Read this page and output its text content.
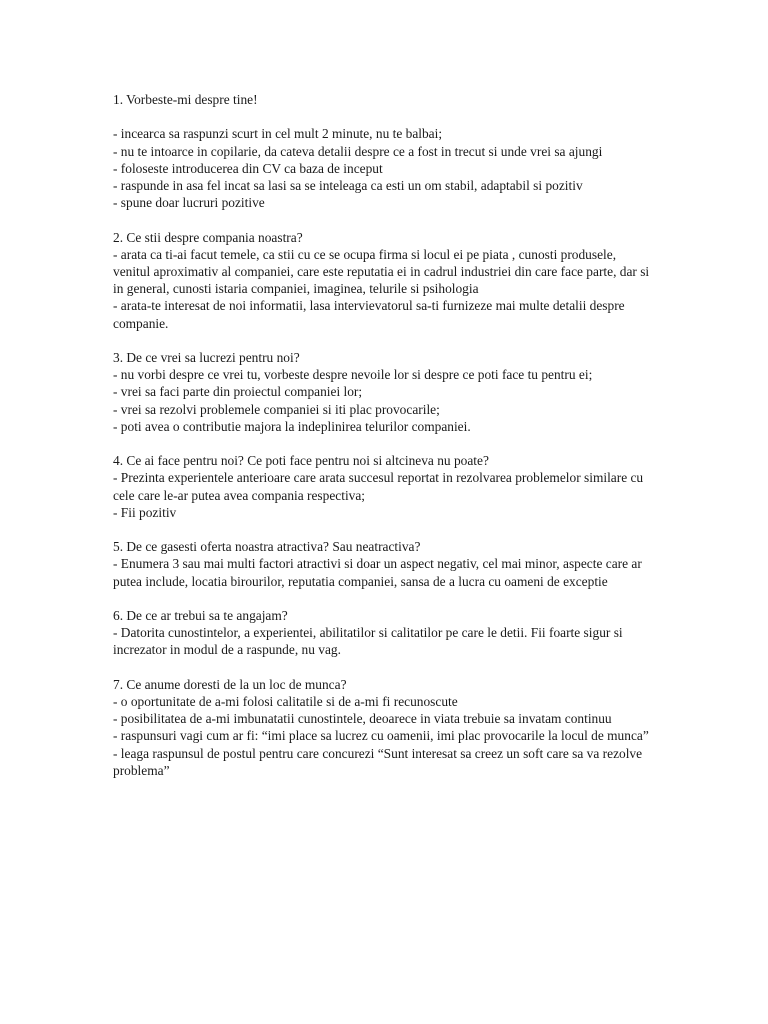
1. Vorbeste-mi despre tine!

- incearca sa raspunzi scurt in cel mult 2 minute, nu te balbai;
- nu te intoarce in copilarie, da cateva detalii despre ce a fost in trecut si unde vrei sa ajungi
- foloseste introducerea din CV ca baza de inceput
- raspunde in asa fel incat sa lasi sa se inteleaga ca esti un om stabil, adaptabil si pozitiv
- spune doar lucruri pozitive
2. Ce stii despre compania noastra?
- arata ca ti-ai facut temele, ca stii cu ce se ocupa firma si locul ei pe piata , cunosti produsele, venitul aproximativ al companiei, care este reputatia ei in cadrul industriei din care face parte, dar si in general, cunosti istaria companiei, imaginea, telurile si psihologia
- arata-te interesat de noi informatii, lasa intervievatorul sa-ti furnizeze mai multe detalii despre companie.
3. De ce vrei sa lucrezi pentru noi?
- nu vorbi despre ce vrei tu, vorbeste despre nevoile lor si despre ce poti face tu pentru ei;
- vrei sa faci parte din proiectul companiei lor;
- vrei sa rezolvi problemele companiei si iti plac provocarile;
- poti avea o contributie majora la indeplinirea telurilor companiei.
4. Ce ai face pentru noi? Ce poti face pentru noi si altcineva nu poate?
- Prezinta experientele anterioare care arata succesul reportat in rezolvarea problemelor similare cu cele care le-ar putea avea compania respectiva;
- Fii pozitiv
5. De ce gasesti oferta noastra atractiva? Sau neatractiva?
- Enumera 3 sau mai multi factori atractivi si doar un aspect negativ, cel mai minor, aspecte care ar putea include, locatia birourilor, reputatia companiei, sansa de a lucra cu oameni de exceptie
6. De ce ar trebui sa te angajam?
- Datorita cunostintelor, a experientei, abilitatilor si calitatilor pe care le detii. Fii foarte sigur si increzator in modul de a raspunde, nu vag.
7. Ce anume doresti de la un loc de munca?
- o oportunitate de a-mi folosi calitatile si de a-mi fi recunoscute
- posibilitatea de a-mi imbunatatii cunostintele, deoarece in viata trebuie sa invatam continuu
- raspunsuri vagi cum ar fi: “imi place sa lucrez cu oamenii, imi plac provocarile la locul de munca”
- leaga raspunsul de postul pentru care concurezi “Sunt interesat sa creez un soft care sa va rezolve problema”
